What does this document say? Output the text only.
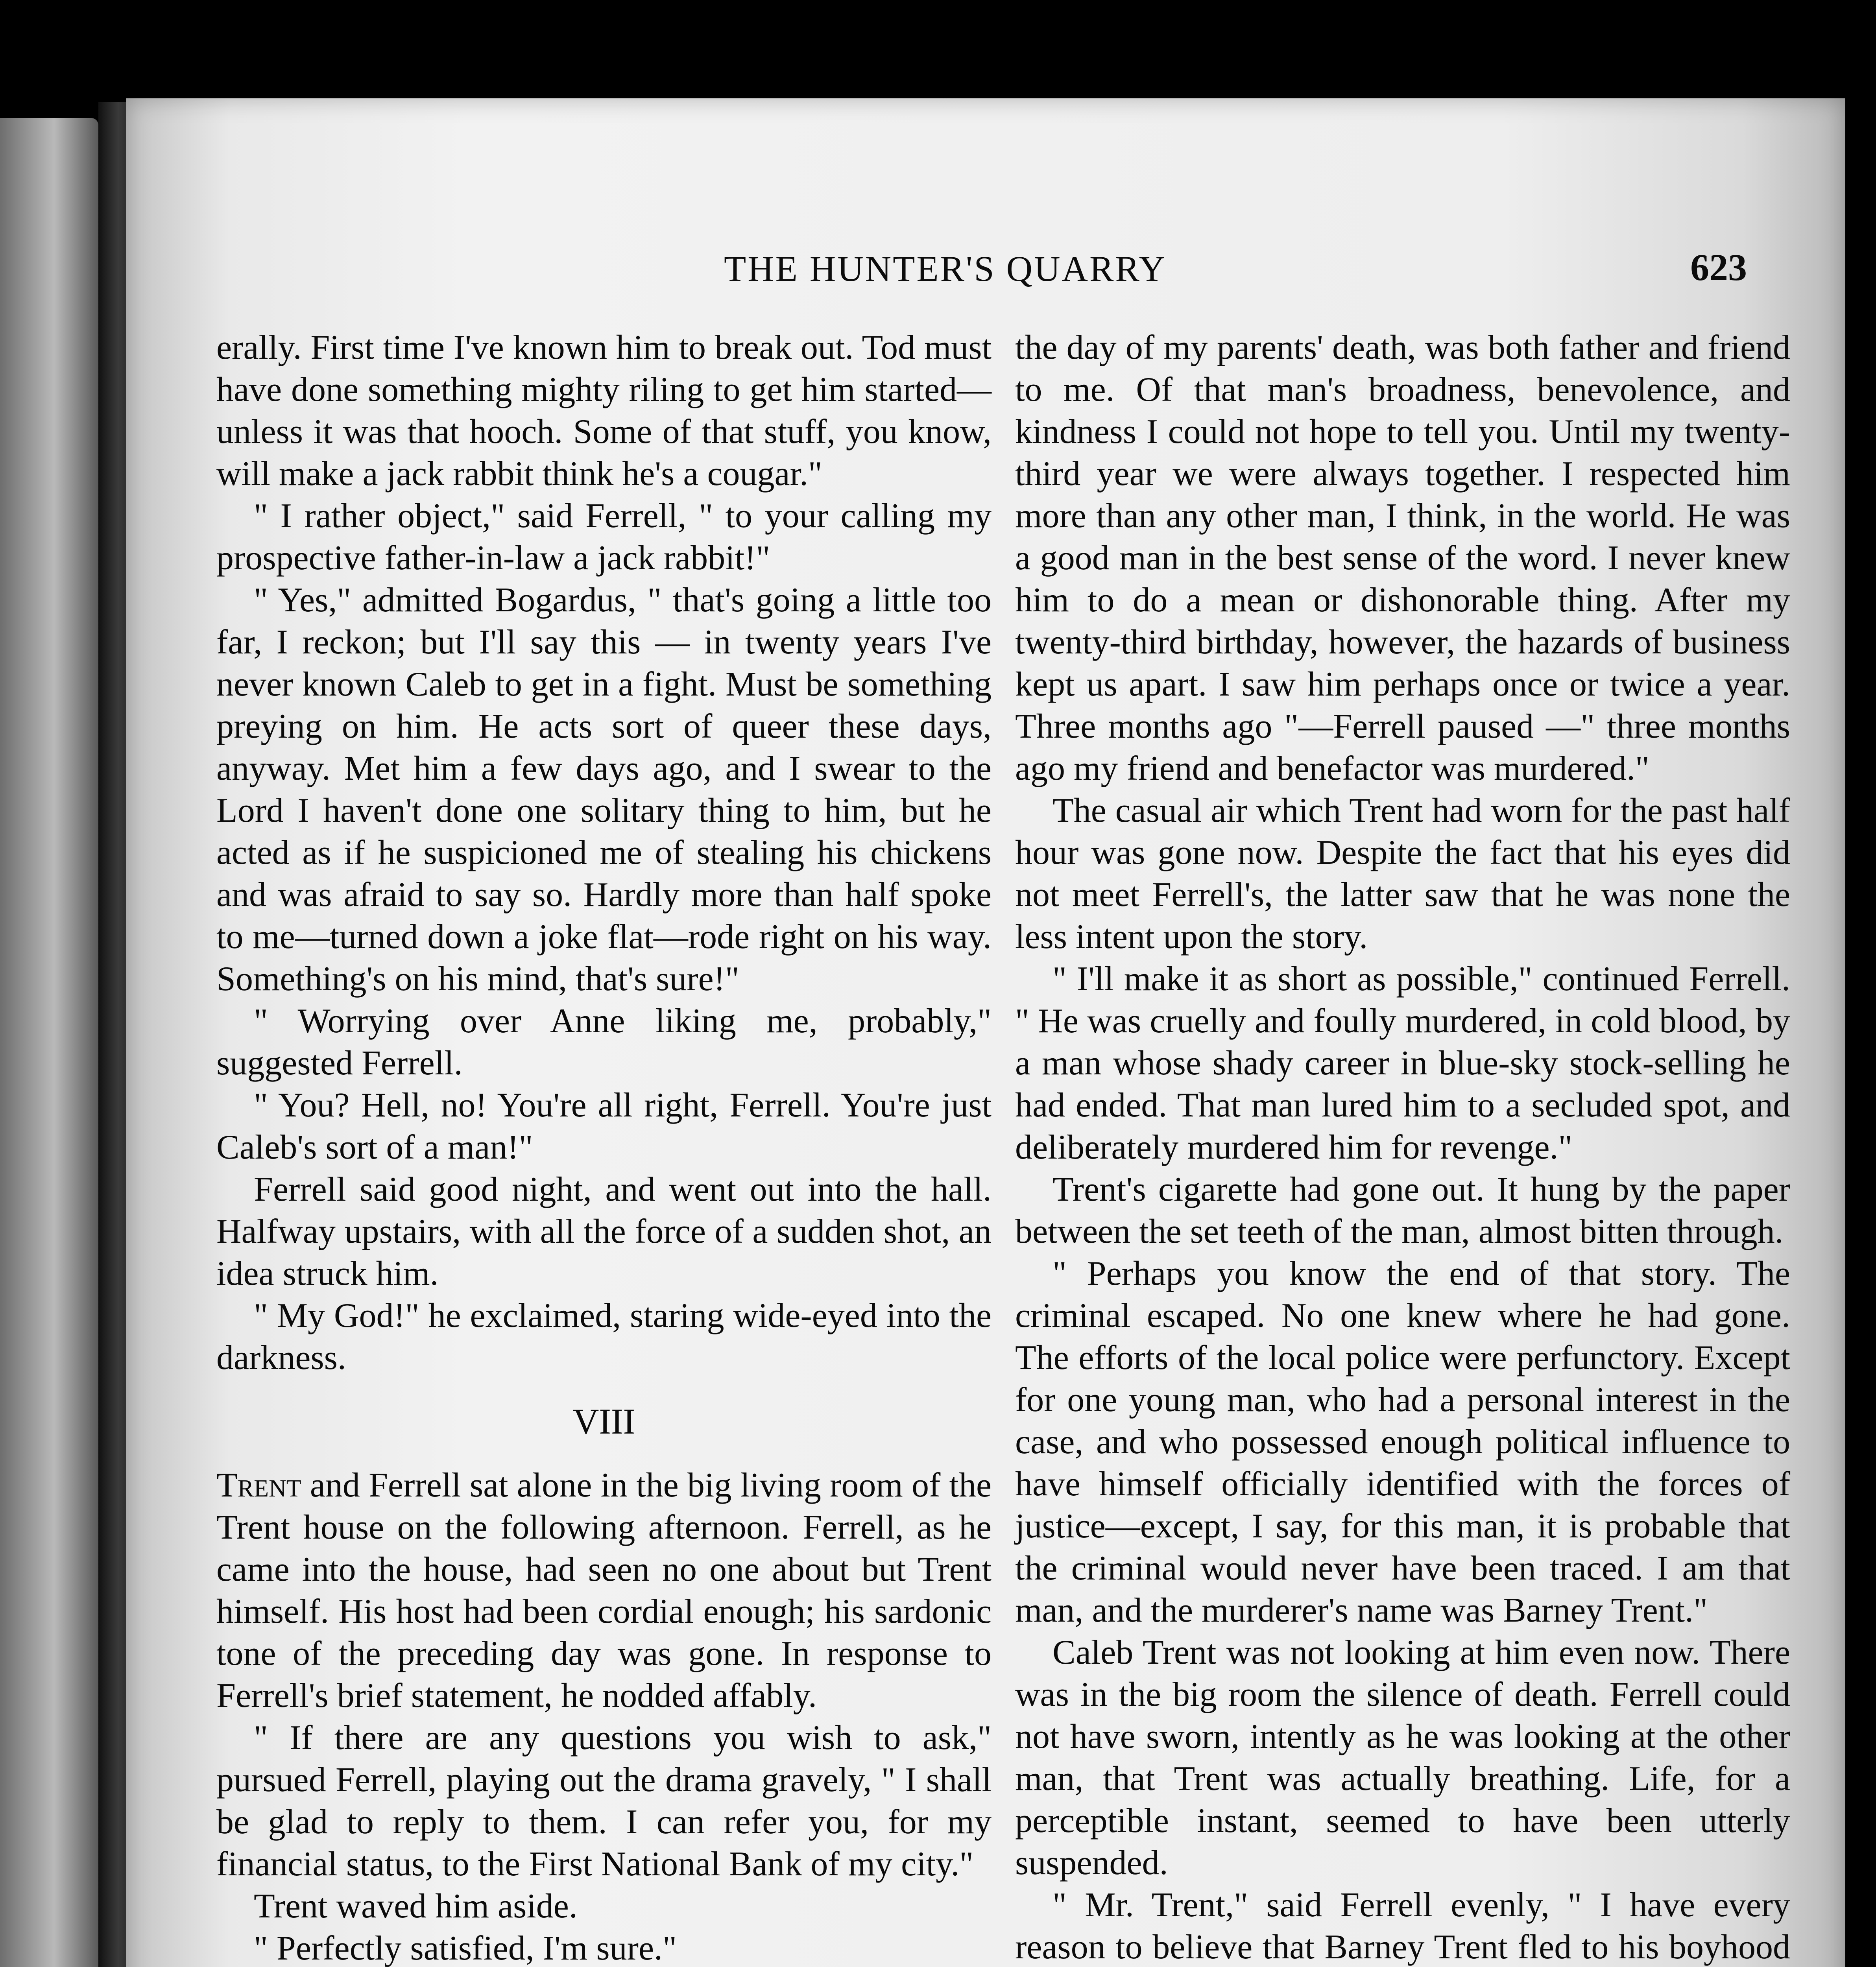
THE HUNTER'S QUARRY	623

erally. First time I've known him to break out. Tod must have done something mighty riling to get him started—unless it was that hooch. Some of that stuff, you know, will make a jack rabbit think he's a cougar."

" I rather object," said Ferrell, " to your calling my prospective father-in-law a jack rabbit!"

" Yes," admitted Bogardus, " that's going a little too far, I reckon; but I'll say this — in twenty years I've never known Caleb to get in a fight. Must be something preying on him. He acts sort of queer these days, anyway. Met him a few days ago, and I swear to the Lord I haven't done one solitary thing to him, but he acted as if he suspicioned me of stealing his chickens and was afraid to say so. Hardly more than half spoke to me—turned down a joke flat—rode right on his way. Something's on his mind, that's sure!"

" Worrying over Anne liking me, probably," suggested Ferrell.

" You? Hell, no! You're all right, Ferrell. You're just Caleb's sort of a man!"

Ferrell said good night, and went out into the hall. Halfway upstairs, with all the force of a sudden shot, an idea struck him.

" My God!" he exclaimed, staring wide-eyed into the darkness.

VIII

Trent and Ferrell sat alone in the big living room of the Trent house on the following afternoon. Ferrell, as he came into the house, had seen no one about but Trent himself. His host had been cordial enough; his sardonic tone of the preceding day was gone. In response to Ferrell's brief statement, he nodded affably.

" If there are any questions you wish to ask," pursued Ferrell, playing out the drama gravely, " I shall be glad to reply to them. I can refer you, for my financial status, to the First National Bank of my city."

Trent waved him aside.

" Perfectly satisfied, I'm sure."

the day of my parents' death, was both father and friend to me. Of that man's broadness, benevolence, and kindness I could not hope to tell you. Until my twenty-third year we were always together. I respected him more than any other man, I think, in the world. He was a good man in the best sense of the word. I never knew him to do a mean or dishonorable thing. After my twenty-third birthday, however, the hazards of business kept us apart. I saw him perhaps once or twice a year. Three months ago "—Ferrell paused —" three months ago my friend and benefactor was murdered."

The casual air which Trent had worn for the past half hour was gone now. Despite the fact that his eyes did not meet Ferrell's, the latter saw that he was none the less intent upon the story.

" I'll make it as short as possible," continued Ferrell. " He was cruelly and foully murdered, in cold blood, by a man whose shady career in blue-sky stock-selling he had ended. That man lured him to a secluded spot, and deliberately murdered him for revenge."

Trent's cigarette had gone out. It hung by the paper between the set teeth of the man, almost bitten through.

" Perhaps you know the end of that story. The criminal escaped. No one knew where he had gone. The efforts of the local police were perfunctory. Except for one young man, who had a personal interest in the case, and who possessed enough political influence to have himself officially identified with the forces of justice—except, I say, for this man, it is probable that the criminal would never have been traced. I am that man, and the murderer's name was Barney Trent."

Caleb Trent was not looking at him even now. There was in the big room the silence of death. Ferrell could not have sworn, intently as he was looking at the other man, that Trent was actually breathing. Life, for a perceptible instant, seemed to have been utterly suspended.

" Mr. Trent," said Ferrell evenly, " I have every reason to believe that Barney Trent fled to his boyhood
